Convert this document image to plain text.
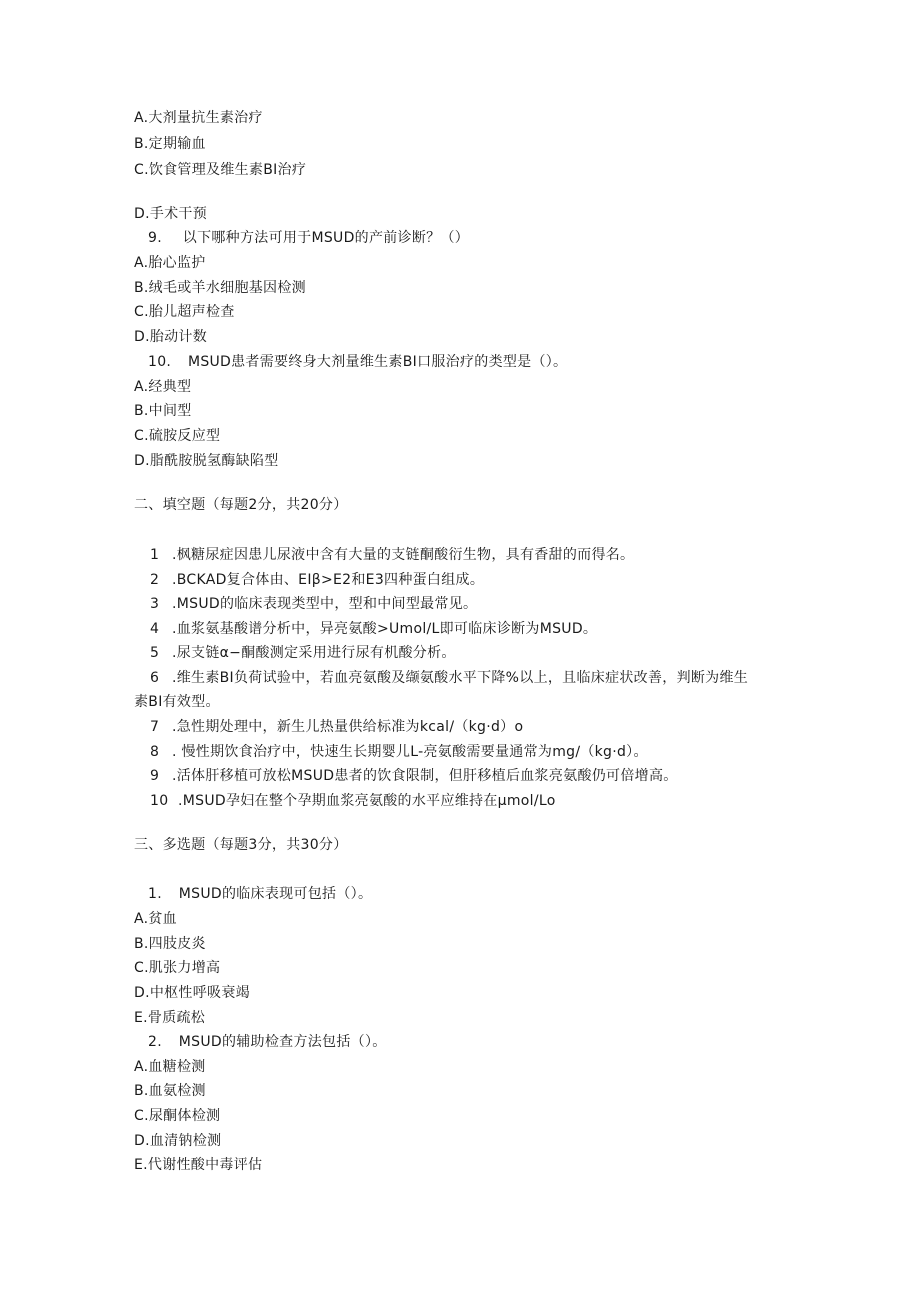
A.大剂量抗生素治疗
B.定期输血
C.饮食管理及维生素BI治疗
D.手术干预
9. 以下哪种方法可用于MSUD的产前诊断？（）
A.胎心监护
B.绒毛或羊水细胞基因检测
C.胎儿超声检查
D.胎动计数
10. MSUD患者需要终身大剂量维生素BI口服治疗的类型是（）。
A.经典型
B.中间型
C.硫胺反应型
D.脂酰胺脱氢酶缺陷型
二、填空题（每题2分，共20分）
1 .枫糖尿症因患儿尿液中含有大量的支链酮酸衍生物，具有香甜的而得名。
2 .BCKAD复合体由、EIβ>E2和E3四种蛋白组成。
3 .MSUD的临床表现类型中，型和中间型最常见。
4 .血浆氨基酸谱分析中，异亮氨酸>Umol∕L即可临床诊断为MSUD。
5 .尿支链α−酮酸测定采用进行尿有机酸分析。
6 .维生素BI负荷试验中，若血亮氨酸及缬氨酸水平下降%以上，且临床症状改善，判断为维生
素BI有效型。
7 .急性期处理中，新生儿热量供给标准为kcal/（kg·d）o
8 . 慢性期饮食治疗中，快速生长期婴儿L-亮氨酸需要量通常为mg∕（kg·d）。
9 .活体肝移植可放松MSUD患者的饮食限制，但肝移植后血浆亮氨酸仍可倍增高。
10 .MSUD孕妇在整个孕期血浆亮氨酸的水平应维持在μmol/Lo
三、多选题（每题3分，共30分）
1. MSUD的临床表现可包括（）。
A.贫血
B.四肢皮炎
C.肌张力增高
D.中枢性呼吸衰竭
E.骨质疏松
2. MSUD的辅助检查方法包括（）。
A.血糖检测
B.血氨检测
C.尿酮体检测
D.血清钠检测
E.代谢性酸中毒评估
